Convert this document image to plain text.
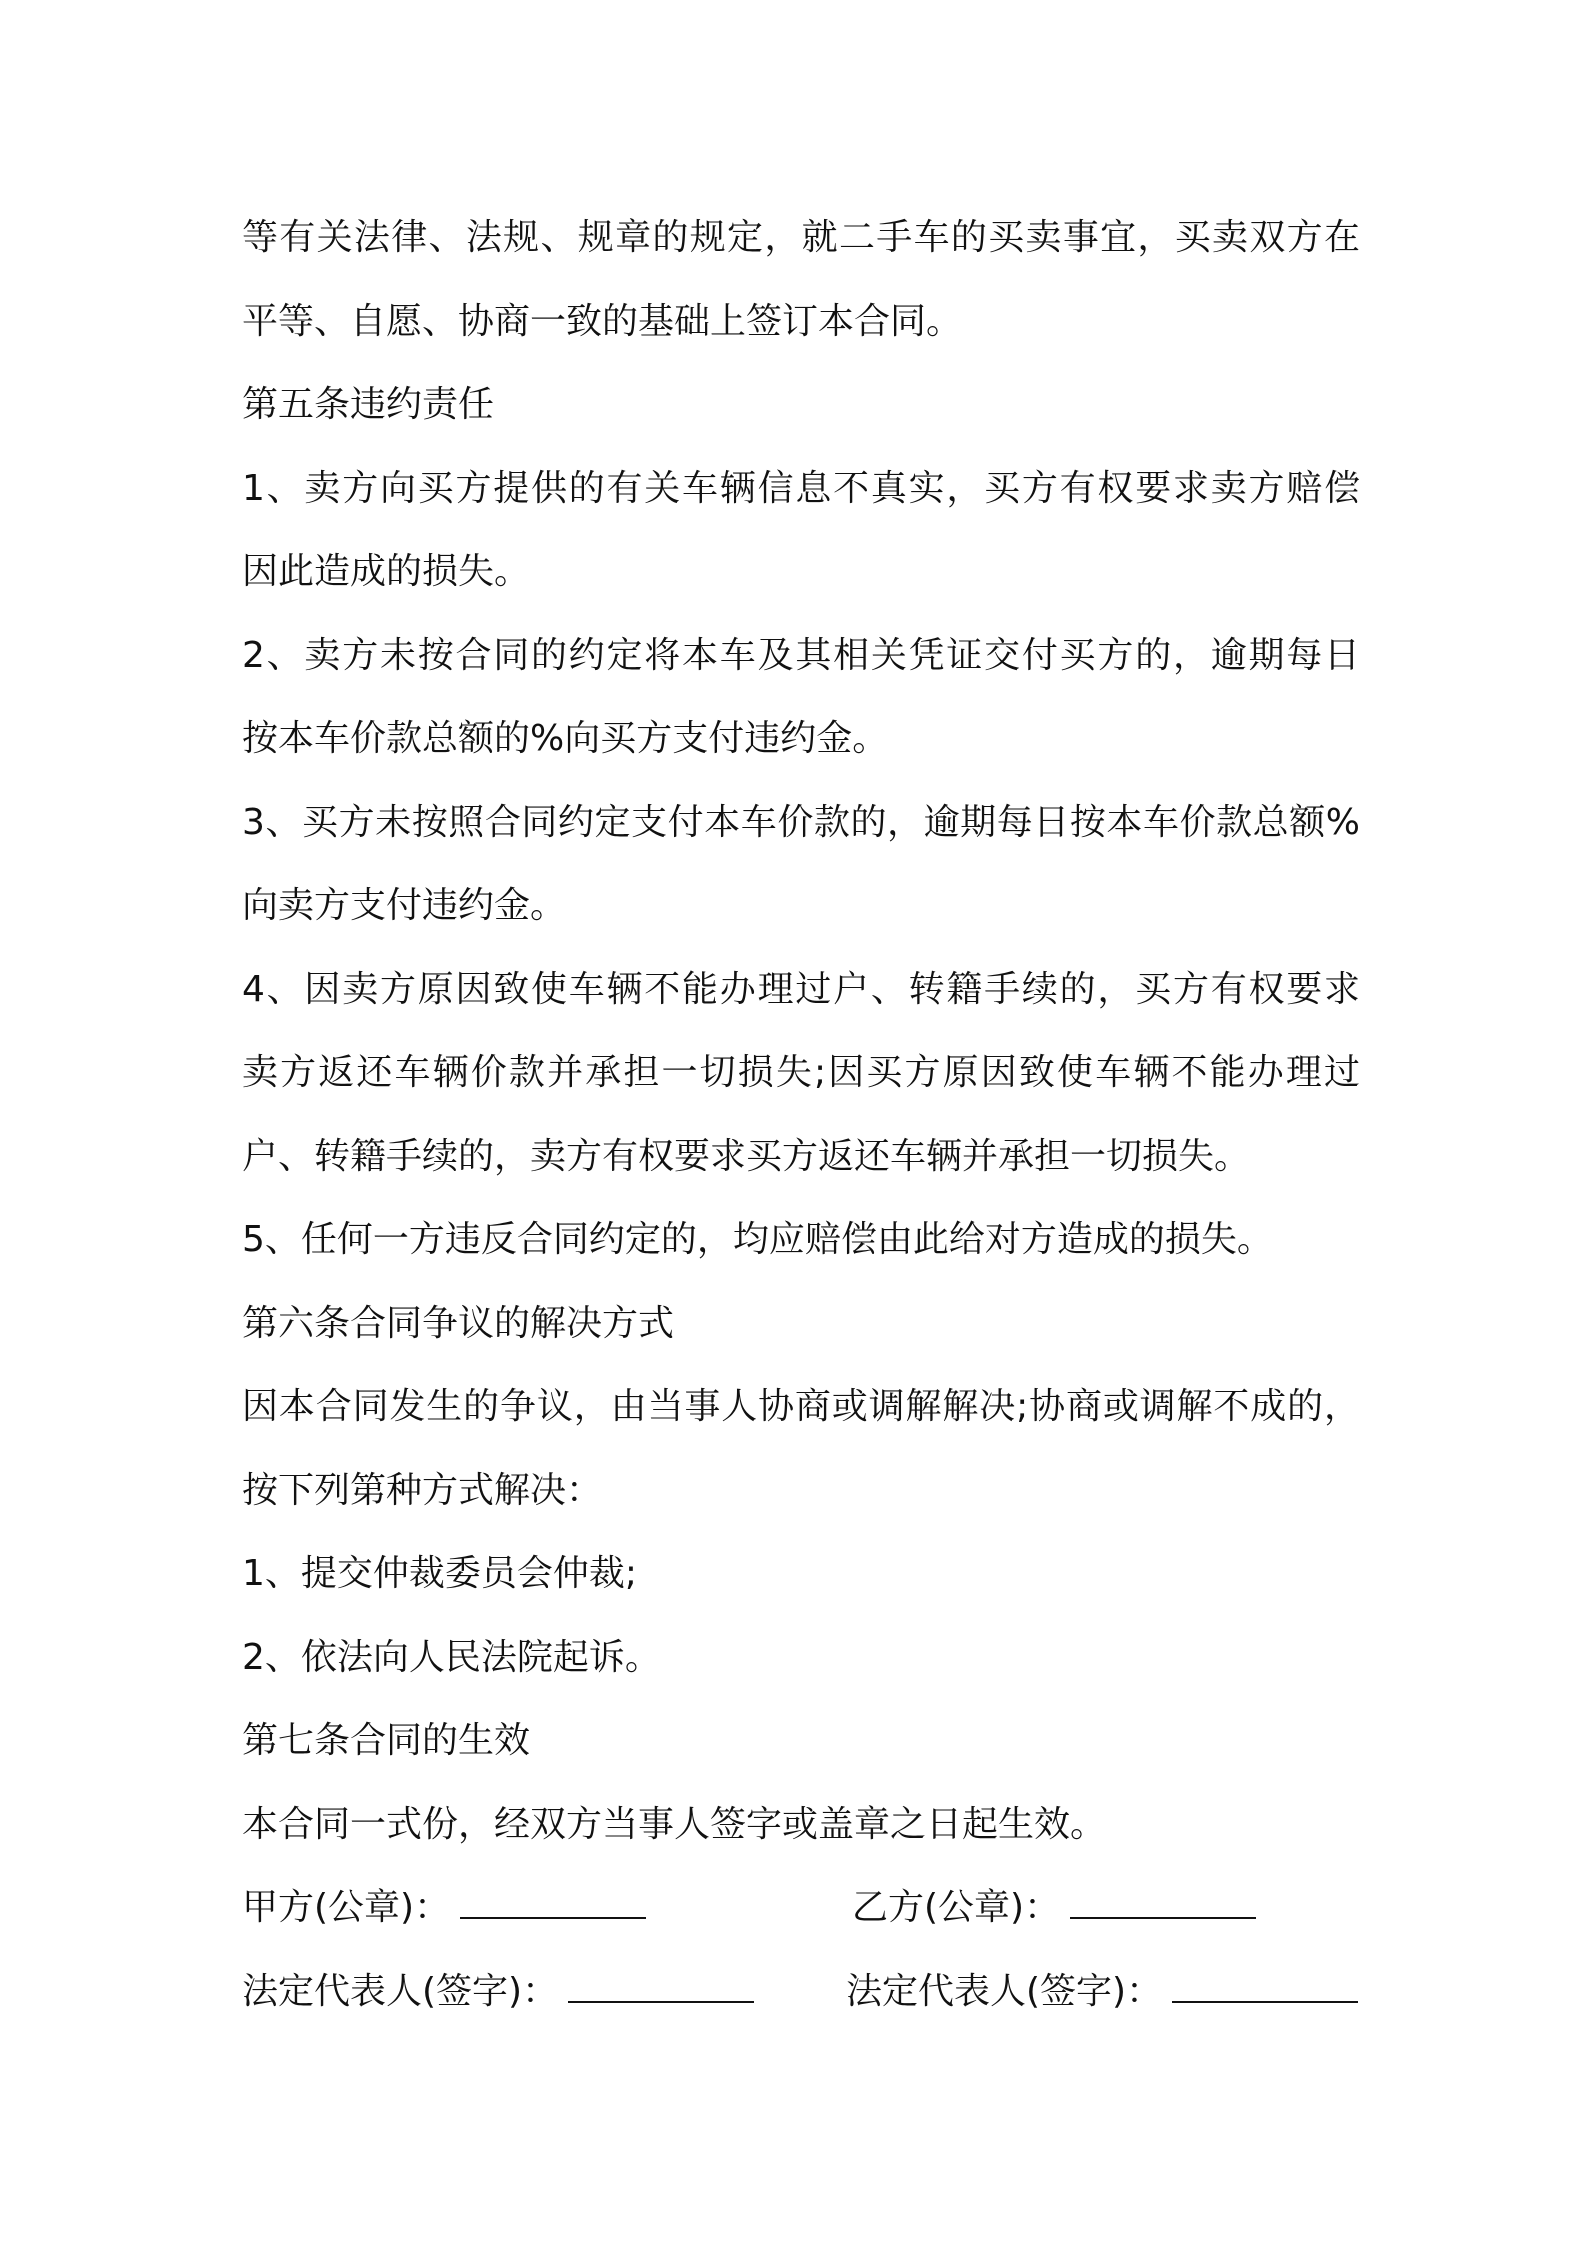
等有关法律、法规、规章的规定，就二手车的买卖事宜，买卖双方在
平等、自愿、协商一致的基础上签订本合同。
第五条违约责任
1、卖方向买方提供的有关车辆信息不真实，买方有权要求卖方赔偿
因此造成的损失。
2、卖方未按合同的约定将本车及其相关凭证交付买方的，逾期每日
按本车价款总额的%向买方支付违约金。
3、买方未按照合同约定支付本车价款的，逾期每日按本车价款总额%
向卖方支付违约金。
4、因卖方原因致使车辆不能办理过户、转籍手续的，买方有权要求
卖方返还车辆价款并承担一切损失;因买方原因致使车辆不能办理过
户、转籍手续的，卖方有权要求买方返还车辆并承担一切损失。
5、任何一方违反合同约定的，均应赔偿由此给对方造成的损失。
第六条合同争议的解决方式
因本合同发生的争议，由当事人协商或调解解决;协商或调解不成的，
按下列第种方式解决：
1、提交仲裁委员会仲裁;
2、依法向人民法院起诉。
第七条合同的生效
本合同一式份，经双方当事人签字或盖章之日起生效。
甲方(公章)：	乙方(公章)：
法定代表人(签字)：	法定代表人(签字)：
